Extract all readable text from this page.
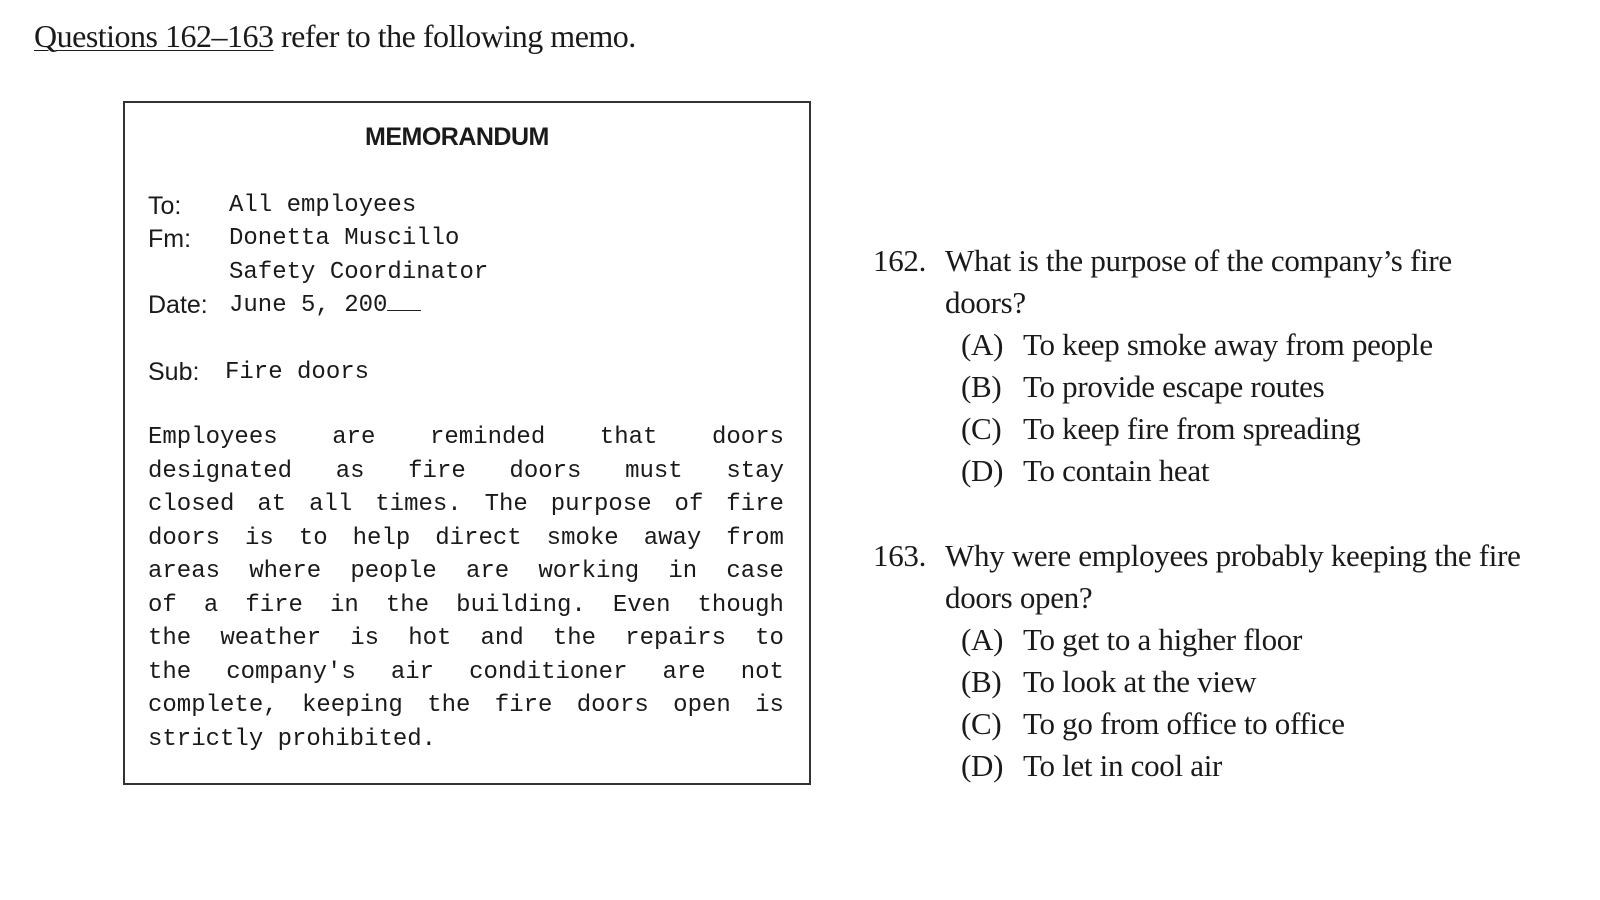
Questions 162–163 refer to the following memo.
MEMORANDUM
To: All employees
Fm: Donetta Muscillo
Safety Coordinator
Date: June 5, 200
Sub: Fire doors
Employees are reminded that doors
designated as fire doors must stay
closed at all times. The purpose of fire
doors is to help direct smoke away from
areas where people are working in case
of a fire in the building. Even though
the weather is hot and the repairs to
the company's air conditioner are not
complete, keeping the fire doors open is
strictly prohibited.
162. What is the purpose of the company’s fire doors?
(A) To keep smoke away from people
(B) To provide escape routes
(C) To keep fire from spreading
(D) To contain heat
163. Why were employees probably keeping the fire doors open?
(A) To get to a higher floor
(B) To look at the view
(C) To go from office to office
(D) To let in cool air
